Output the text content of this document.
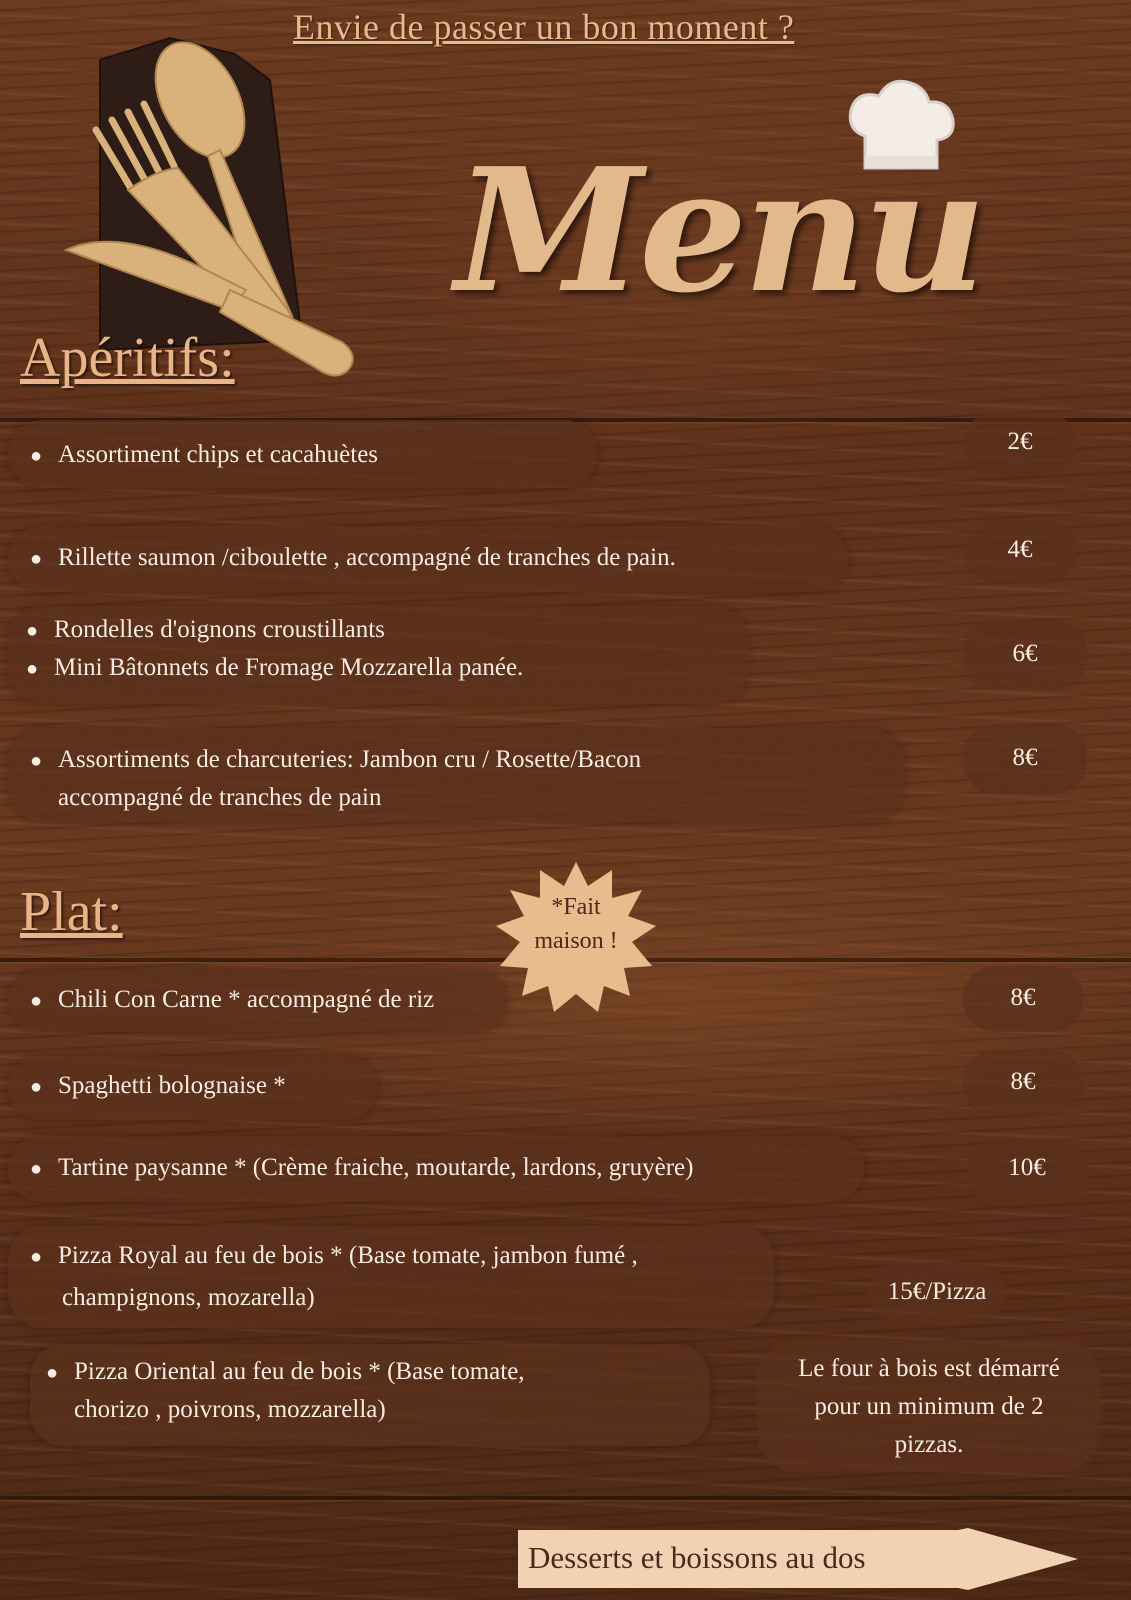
Envie de passer un bon moment ?
Menu
Apéritifs:
● Assortiment chips et cacahuètes	2€
● Rillette saumon /ciboulette , accompagné de tranches de pain.	4€
● Rondelles d'oignons croustillants
● Mini Bâtonnets de Fromage Mozzarella panée.
6€
● Assortiments de charcuteries: Jambon cru / Rosette/Bacon
accompagné de tranches de pain
8€
Plat:	*Fait
maison !
● Chili Con Carne * accompagné de riz	8€
● Spaghetti bolognaise *	8€
● Tartine paysanne * (Crème fraiche, moutarde, lardons, gruyère)	10€
● Pizza Royal au feu de bois * (Base tomate, jambon fumé ,
champignons, mozarella)	15€/Pizza
● Pizza Oriental au feu de bois * (Base tomate,
chorizo , poivrons, mozzarella)
Le four à bois est démarré
pour un minimum de 2
pizzas.
Desserts et boissons au dos
